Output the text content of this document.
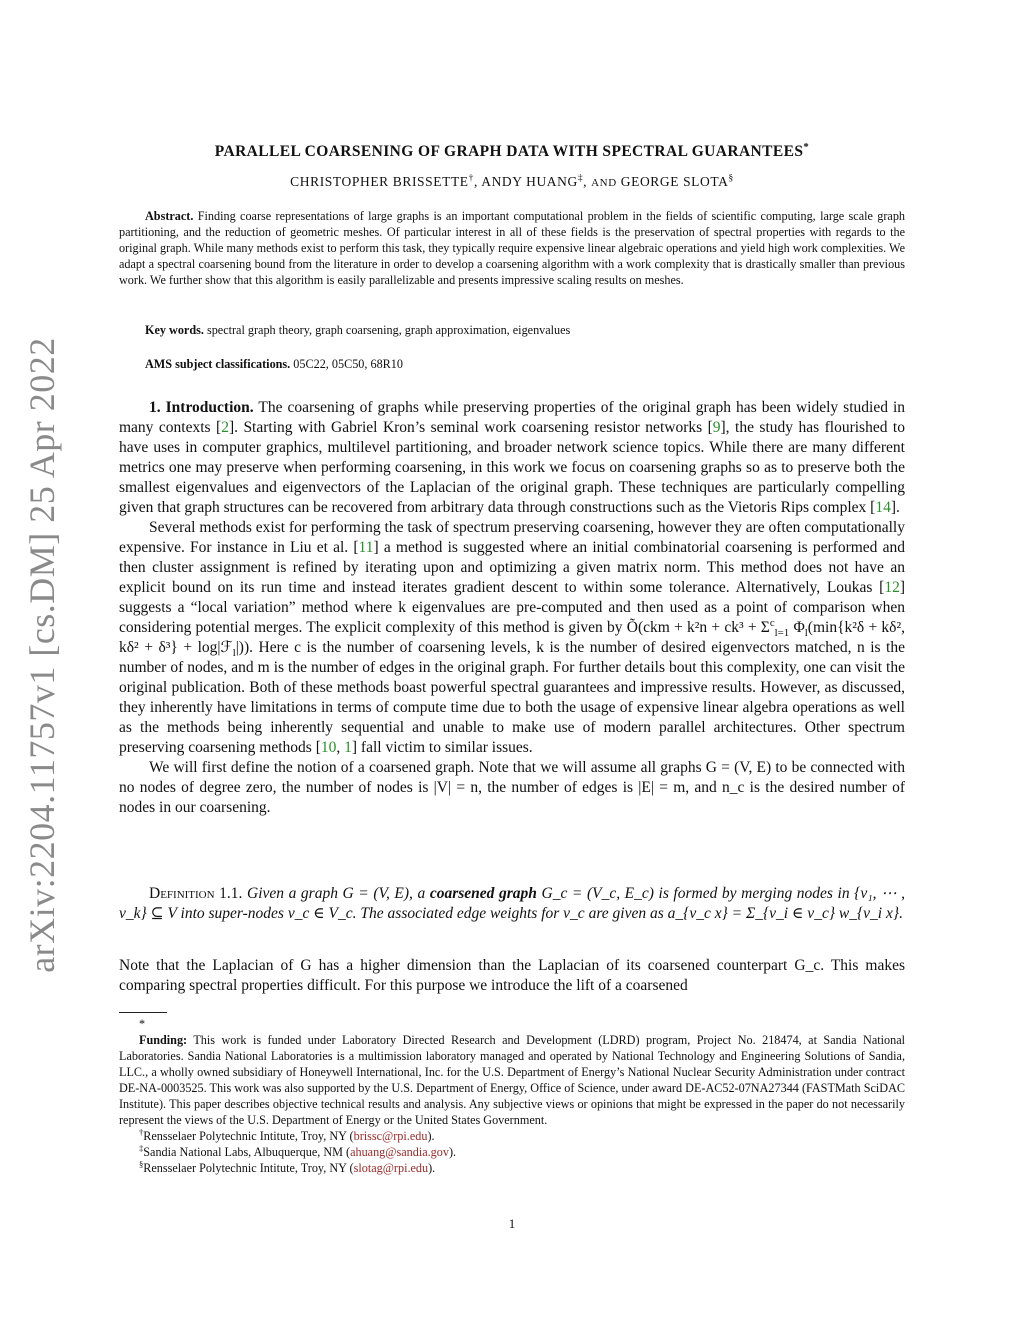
arXiv:2204.11757v1 [cs.DM] 25 Apr 2022
PARALLEL COARSENING OF GRAPH DATA WITH SPECTRAL GUARANTEES*
CHRISTOPHER BRISSETTE†, ANDY HUANG‡, AND GEORGE SLOTA§
Abstract. Finding coarse representations of large graphs is an important computational problem in the fields of scientific computing, large scale graph partitioning, and the reduction of geometric meshes. Of particular interest in all of these fields is the preservation of spectral properties with regards to the original graph. While many methods exist to perform this task, they typically require expensive linear algebraic operations and yield high work complexities. We adapt a spectral coarsening bound from the literature in order to develop a coarsening algorithm with a work complexity that is drastically smaller than previous work. We further show that this algorithm is easily parallelizable and presents impressive scaling results on meshes.
Key words. spectral graph theory, graph coarsening, graph approximation, eigenvalues
AMS subject classifications. 05C22, 05C50, 68R10

1. Introduction. The coarsening of graphs while preserving properties of the original graph has been widely studied in many contexts [2]. Starting with Gabriel Kron’s seminal work coarsening resistor networks [9], the study has flourished to have uses in computer graphics, multilevel partitioning, and broader network science topics. While there are many different metrics one may preserve when performing coarsening, in this work we focus on coarsening graphs so as to preserve both the smallest eigenvalues and eigenvectors of the Laplacian of the original graph. These techniques are particularly compelling given that graph structures can be recovered from arbitrary data through constructions such as the Vietoris Rips complex [14].

Several methods exist for performing the task of spectrum preserving coarsening, however they are often computationally expensive. For instance in Liu et al. [11] a method is suggested where an initial combinatorial coarsening is performed and then cluster assignment is refined by iterating upon and optimizing a given matrix norm. This method does not have an explicit bound on its run time and instead iterates gradient descent to within some tolerance. Alternatively, Loukas [12] suggests a “local variation” method where k eigenvalues are pre-computed and then used as a point of comparison when considering potential merges. The explicit complexity of this method is given by Õ(ckm + $k^2n + ck^3 + \Sigma^c_{l=1}$ $\Phi_l(\min\{k^2\delta + k\delta^2$, kδ² + δ³} + log|ℱ$_l$|)). Here c is the number of coarsening levels, k is the number of desired eigenvectors matched, n is the number of nodes, and m is the number of edges in the original graph. For further details bout this complexity, one can visit the original publication. Both of these methods boast powerful spectral guarantees and impressive results. However, as discussed, they inherently have limitations in terms of compute time due to both the usage of expensive linear algebra operations as well as the methods being inherently sequential and unable to make use of modern parallel architectures. Other spectrum preserving coarsening methods [10, 1] fall victim to similar issues.

We will first define the notion of a coarsened graph. Note that we will assume all graphs G = (V, E) to be connected with no nodes of degree zero, the number of nodes is |V| = n, the number of edges is |E| = m, and n_c is the desired number of nodes in our coarsening.

Definition 1.1. Given a graph G = (V, E), a coarsened graph G_c = (V_c, E_c) is formed by merging nodes in {v₁, ⋯ , v_k} ⊆ V into super-nodes v_c ∈ V_c. The associated edge weights for v_c are given as a_{v_c x} = Σ_{v_i ∈ v_c} w_{v_i x}.

Note that the Laplacian of G has a higher dimension than the Laplacian of its coarsened counterpart G_c. This makes comparing spectral properties difficult. For this purpose we introduce the lift of a coarsened

*

Funding: This work is funded under Laboratory Directed Research and Development (LDRD) program, Project No. 218474, at Sandia National Laboratories. Sandia National Laboratories is a multimission laboratory managed and operated by National Technology and Engineering Solutions of Sandia, LLC., a wholly owned subsidiary of Honeywell International, Inc. for the U.S. Department of Energy’s National Nuclear Security Administration under contract DE-NA-0003525. This work was also supported by the U.S. Department of Energy, Office of Science, under award DE-AC52-07NA27344 (FASTMath SciDAC Institute). This paper describes objective technical results and analysis. Any subjective views or opinions that might be expressed in the paper do not necessarily represent the views of the U.S. Department of Energy or the United States Government.

†Rensselaer Polytechnic Intitute, Troy, NY (brissc@rpi.edu).

‡Sandia National Labs, Albuquerque, NM (ahuang@sandia.gov).

§Rensselaer Polytechnic Intitute, Troy, NY (slotag@rpi.edu).

1
